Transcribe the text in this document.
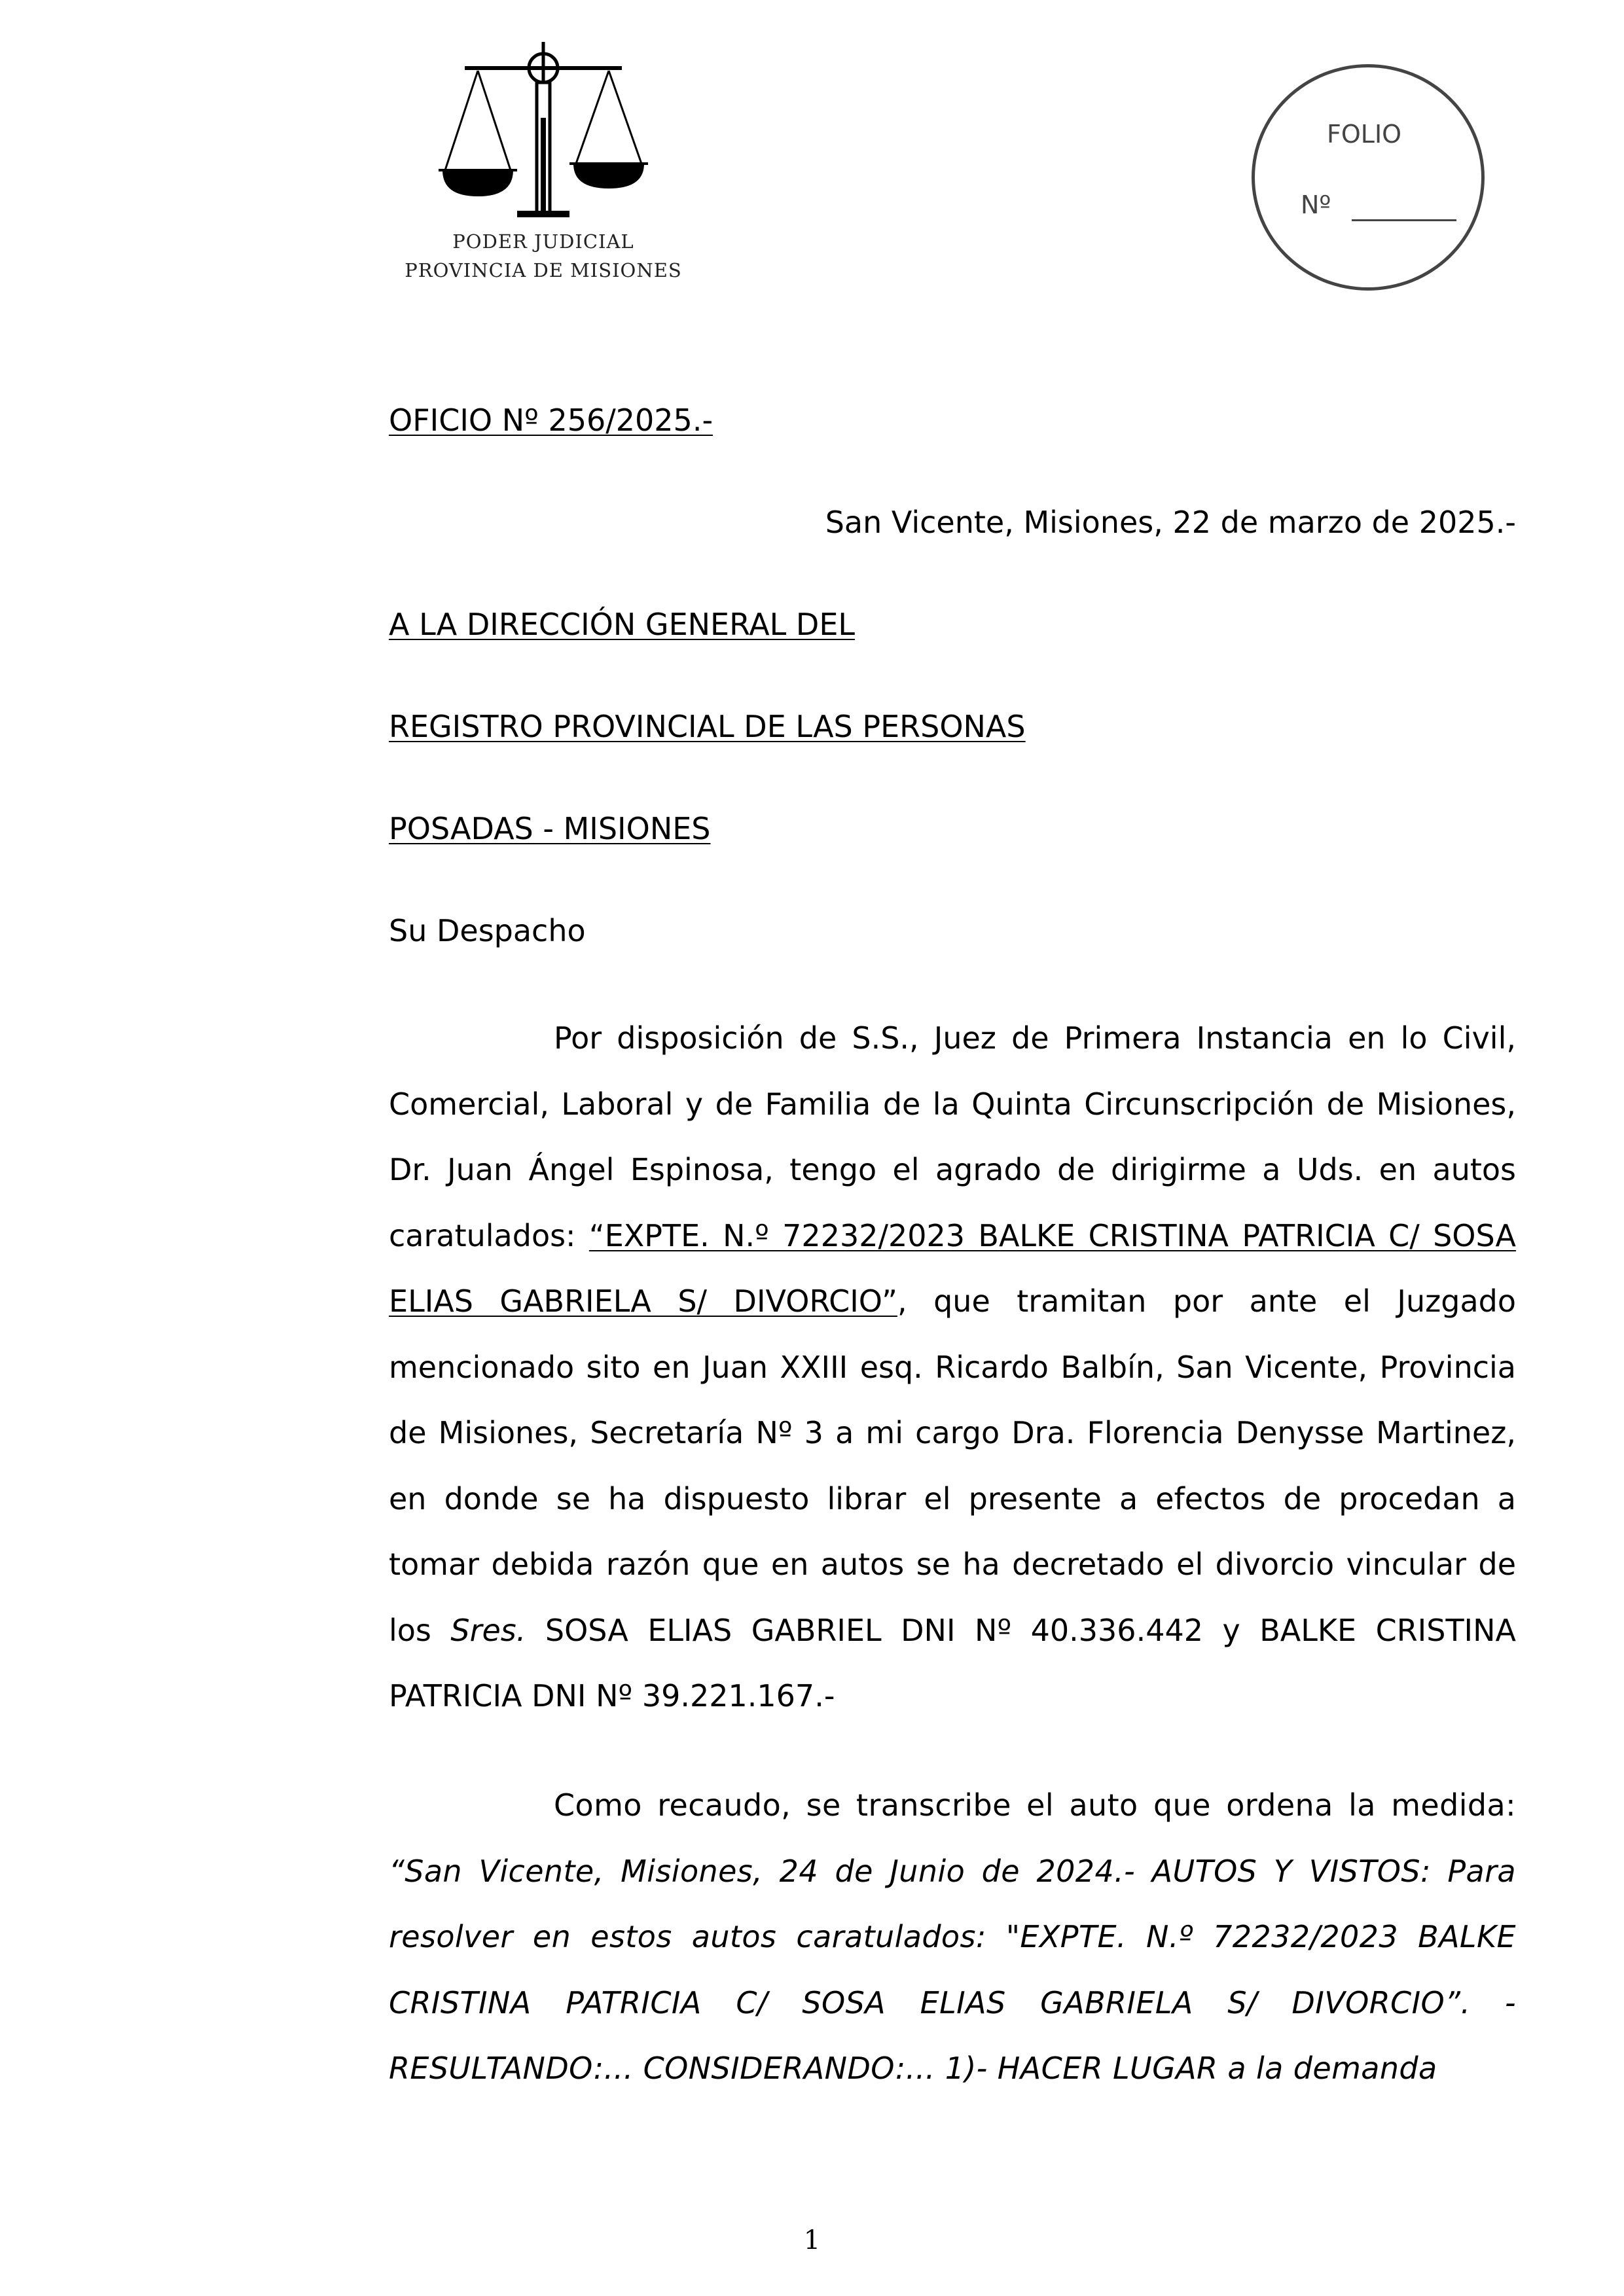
PODER JUDICIAL
PROVINCIA DE MISIONES
FOLIO
Nº
OFICIO Nº 256/2025.-
San Vicente, Misiones, 22 de marzo de 2025.-
A LA DIRECCIÓN GENERAL DEL
REGISTRO PROVINCIAL DE LAS PERSONAS
POSADAS - MISIONES
Su Despacho

Por disposición de S.S., Juez de Primera Instancia en lo Civil, Comercial, Laboral y de Familia de la Quinta Circunscripción de Misiones, Dr. Juan Ángel Espinosa, tengo el agrado de dirigirme a Uds. en autos caratulados: “EXPTE. N.º 72232/2023 BALKE CRISTINA PATRICIA C/ SOSA ELIAS GABRIELA S/ DIVORCIO”, que tramitan por ante el Juzgado mencionado sito en Juan XXIII esq. Ricardo Balbín, San Vicente, Provincia de Misiones, Secretaría Nº 3 a mi cargo Dra. Florencia Denysse Martinez, en donde se ha dispuesto librar el presente a efectos de procedan a tomar debida razón que en autos se ha decretado el divorcio vincular de los Sres. SOSA ELIAS GABRIEL DNI Nº 40.336.442 y BALKE CRISTINA PATRICIA DNI Nº 39.221.167.-

Como recaudo, se transcribe el auto que ordena la medida: “San Vicente, Misiones, 24 de Junio de 2024.- AUTOS Y VISTOS: Para resolver en estos autos caratulados: "EXPTE. N.º 72232/2023 BALKE CRISTINA PATRICIA C/ SOSA ELIAS GABRIELA S/ DIVORCIO”. - RESULTANDO:... CONSIDERANDO:... 1)- HACER LUGAR a la demanda

1
